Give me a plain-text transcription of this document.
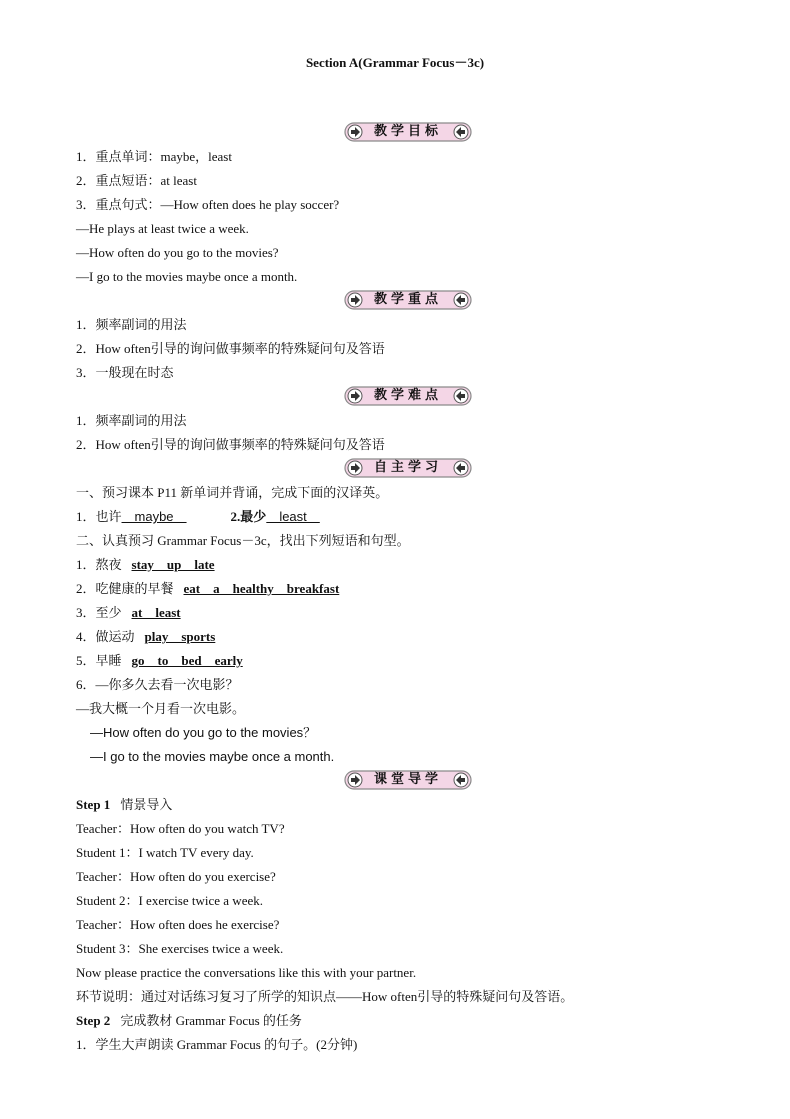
Section A(Grammar Focus－3c)
教学目标
1．重点单词：maybe，least
2．重点短语：at least
3．重点句式：—How often does he play soccer?
—He plays at least twice a week.
—How often do you go to the movies?
—I go to the movies maybe once a month.
教学重点
1．频率副词的用法
2．How often引导的询问做事频率的特殊疑问句及答语
3．一般现在时态
教学难点
1．频率副词的用法
2．How often引导的询问做事频率的特殊疑问句及答语
自主学习
一、预习课本 P11 新单词并背诵，完成下面的汉译英。
1．也许　maybe　	2.最少　least　
二、认真预习 Grammar Focus－3c，找出下列短语和句型。
1．熬夜 stay　up　late
2．吃健康的早餐 eat　a　healthy　breakfast
3．至少 at　least
4．做运动 play　sports
5．早睡 go　to　bed　early
6．—你多久去看一次电影？
—我大概一个月看一次电影。
—How often do you go to the movies？
—I go to the movies maybe once a month.
课堂导学
Step 1 情景导入
Teacher：How often do you watch TV?
Student 1：I watch TV every day.
Teacher：How often do you exercise?
Student 2：I exercise twice a week.
Teacher：How often does he exercise?
Student 3：She exercises twice a week.
Now please practice the conversations like this with your partner.
环节说明：通过对话练习复习了所学的知识点——How often引导的特殊疑问句及答语。
Step 2 完成教材 Grammar Focus 的任务
1．学生大声朗读 Grammar Focus 的句子。(2分钟)
